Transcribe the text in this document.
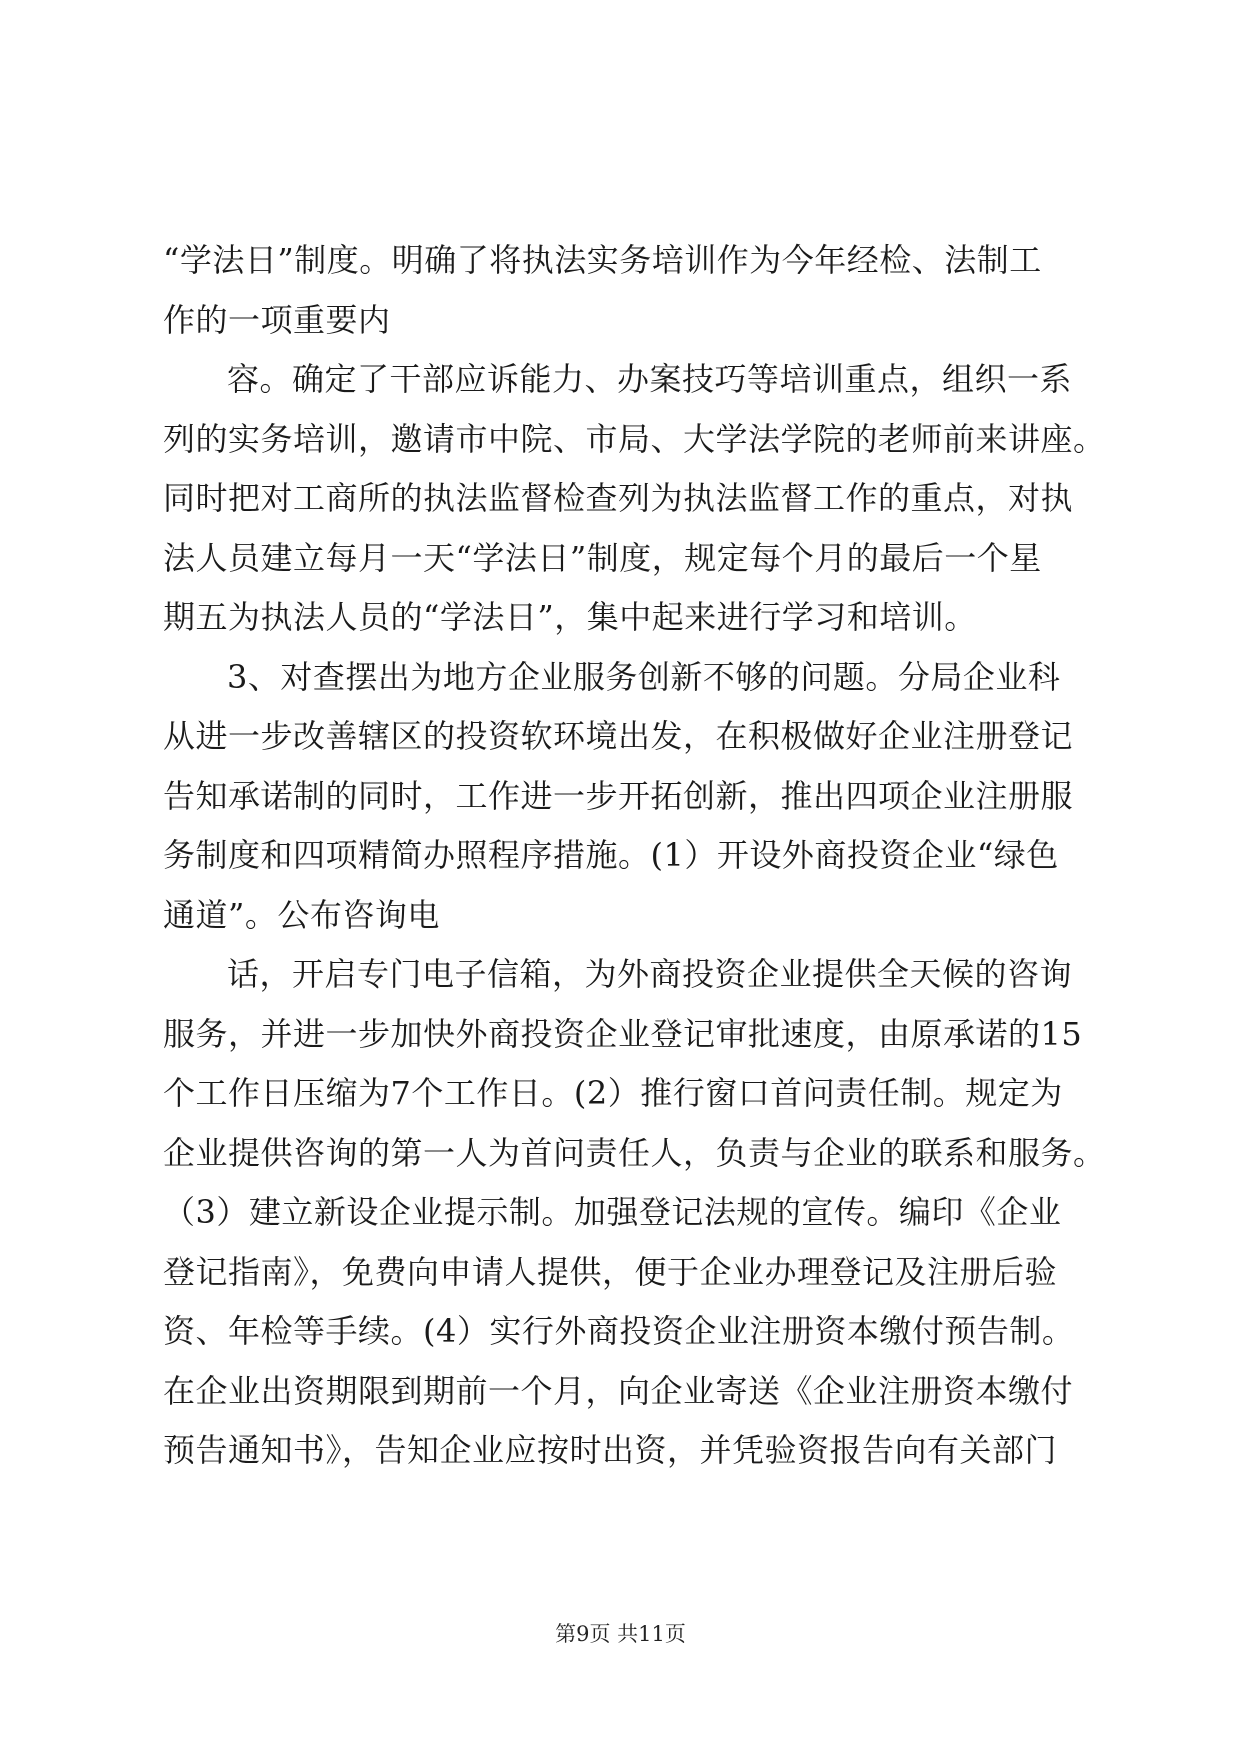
“学法日”制度。明确了将执法实务培训作为今年经检、法制工
作的一项重要内
容。确定了干部应诉能力、办案技巧等培训重点，组织一系
列的实务培训，邀请市中院、市局、大学法学院的老师前来讲座。
同时把对工商所的执法监督检查列为执法监督工作的重点，对执
法人员建立每月一天“学法日”制度，规定每个月的最后一个星
期五为执法人员的“学法日”，集中起来进行学习和培训。
3、对查摆出为地方企业服务创新不够的问题。分局企业科
从进一步改善辖区的投资软环境出发，在积极做好企业注册登记
告知承诺制的同时，工作进一步开拓创新，推出四项企业注册服
务制度和四项精简办照程序措施。(1）开设外商投资企业“绿色
通道”。公布咨询电
话，开启专门电子信箱，为外商投资企业提供全天候的咨询
服务，并进一步加快外商投资企业登记审批速度，由原承诺的15
个工作日压缩为7个工作日。(2）推行窗口首问责任制。规定为
企业提供咨询的第一人为首问责任人，负责与企业的联系和服务。
（3）建立新设企业提示制。加强登记法规的宣传。编印《企业
登记指南》，免费向申请人提供，便于企业办理登记及注册后验
资、年检等手续。(4）实行外商投资企业注册资本缴付预告制。
在企业出资期限到期前一个月，向企业寄送《企业注册资本缴付
预告通知书》，告知企业应按时出资，并凭验资报告向有关部门
第9页 共11页
